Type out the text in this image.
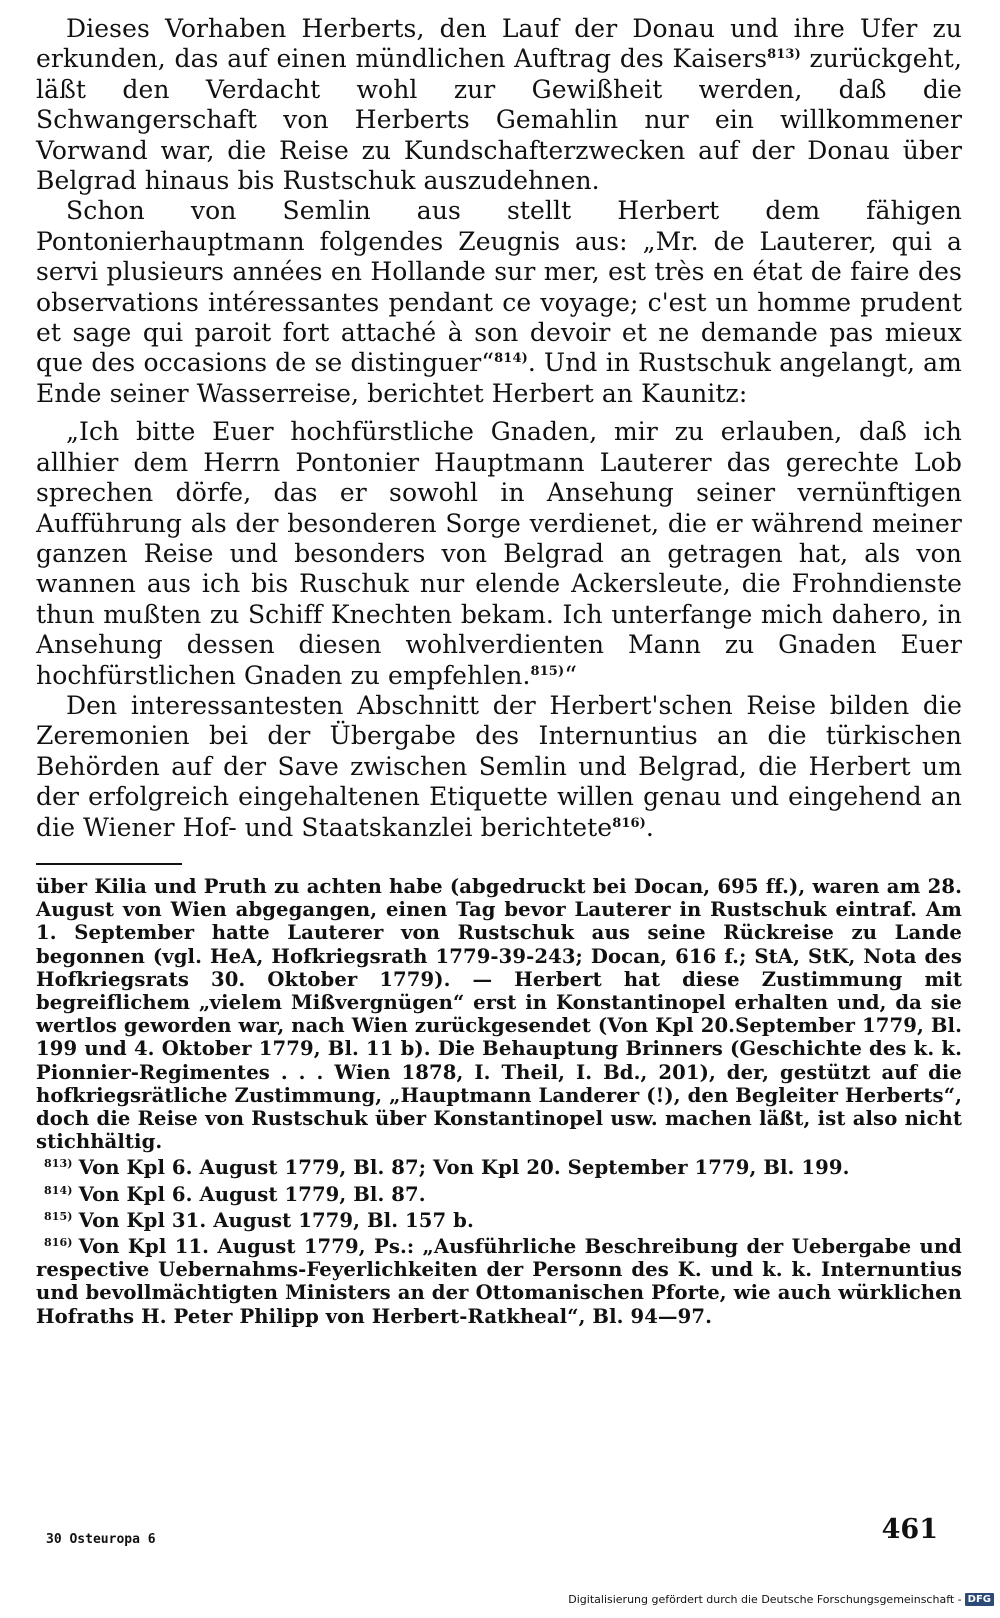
Dieses Vorhaben Herberts, den Lauf der Donau und ihre Ufer zu erkunden, das auf einen mündlichen Auftrag des Kaisers$^{813)}$ zurückgeht, läßt den Verdacht wohl zur Gewißheit werden, daß die Schwangerschaft von Herberts Gemahlin nur ein willkommener Vorwand war, die Reise zu Kundschafterzwecken auf der Donau über Belgrad hinaus bis Rustschuk auszudehnen.

Schon von Semlin aus stellt Herbert dem fähigen Pontonierhauptmann folgendes Zeugnis aus: „Mr. de Lauterer, qui a servi plusieurs années en Hollande sur mer, est très en état de faire des observations intéressantes pendant ce voyage; c'est un homme prudent et sage qui paroit fort attaché à son devoir et ne demande pas mieux que des occasions de se distinguer“$^{814)}$. Und in Rustschuk angelangt, am Ende seiner Wasserreise, berichtet Herbert an Kaunitz:

„Ich bitte Euer hochfürstliche Gnaden, mir zu erlauben, daß ich allhier dem Herrn Pontonier Hauptmann Lauterer das gerechte Lob sprechen dörfe, das er sowohl in Ansehung seiner vernünftigen Aufführung als der besonderen Sorge verdienet, die er während meiner ganzen Reise und besonders von Belgrad an getragen hat, als von wannen aus ich bis Ruschuk nur elende Ackersleute, die Frohndienste thun mußten zu Schiff Knechten bekam. Ich unterfange mich dahero, in Ansehung dessen diesen wohlverdienten Mann zu Gnaden Euer hochfürstlichen Gnaden zu empfehlen.$^{815)}$“

Den interessantesten Abschnitt der Herbert'schen Reise bilden die Zeremonien bei der Übergabe des Internuntius an die türkischen Behörden auf der Save zwischen Semlin und Belgrad, die Herbert um der erfolgreich eingehaltenen Etiquette willen genau und eingehend an die Wiener Hof- und Staatskanzlei berichtete$^{816)}$.

über Kilia und Pruth zu achten habe (abgedruckt bei Docan, 695 ff.), waren am 28. August von Wien abgegangen, einen Tag bevor Lauterer in Rustschuk eintraf. Am 1. September hatte Lauterer von Rustschuk aus seine Rückreise zu Lande begonnen (vgl. HeA, Hofkriegsrath 1779-39-243; Docan, 616 f.; StA, StK, Nota des Hofkriegsrats 30. Oktober 1779). — Herbert hat diese Zustimmung mit begreiflichem „vielem Mißvergnügen“ erst in Konstantinopel erhalten und, da sie wertlos geworden war, nach Wien zurückgesendet (Von Kpl 20.September 1779, Bl. 199 und 4. Oktober 1779, Bl. 11 b). Die Behauptung Brinners (Geschichte des k. k. Pionnier-Regimentes . . . Wien 1878, I. Theil, I. Bd., 201), der, gestützt auf die hofkriegsrätliche Zustimmung, „Hauptmann Landerer (!), den Begleiter Herberts“, doch die Reise von Rustschuk über Konstantinopel usw. machen läßt, ist also nicht stichhältig.

$^{813)}$ Von Kpl 6. August 1779, Bl. 87; Von Kpl 20. September 1779, Bl. 199.

$^{814)}$ Von Kpl 6. August 1779, Bl. 87.

$^{815)}$ Von Kpl 31. August 1779, Bl. 157 b.

$^{816)}$ Von Kpl 11. August 1779, Ps.: „Ausführliche Beschreibung der Uebergabe und respective Uebernahms-Feyerlichkeiten der Personn des K. und k. k. Internuntius und bevollmächtigten Ministers an der Ottomanischen Pforte, wie auch würklichen Hofraths H. Peter Philipp von Herbert-Ratkheal“, Bl. 94—97.

30 Osteuropa 6	461
Digitalisierung gefördert durch die Deutsche Forschungsgemeinschaft - DFG
